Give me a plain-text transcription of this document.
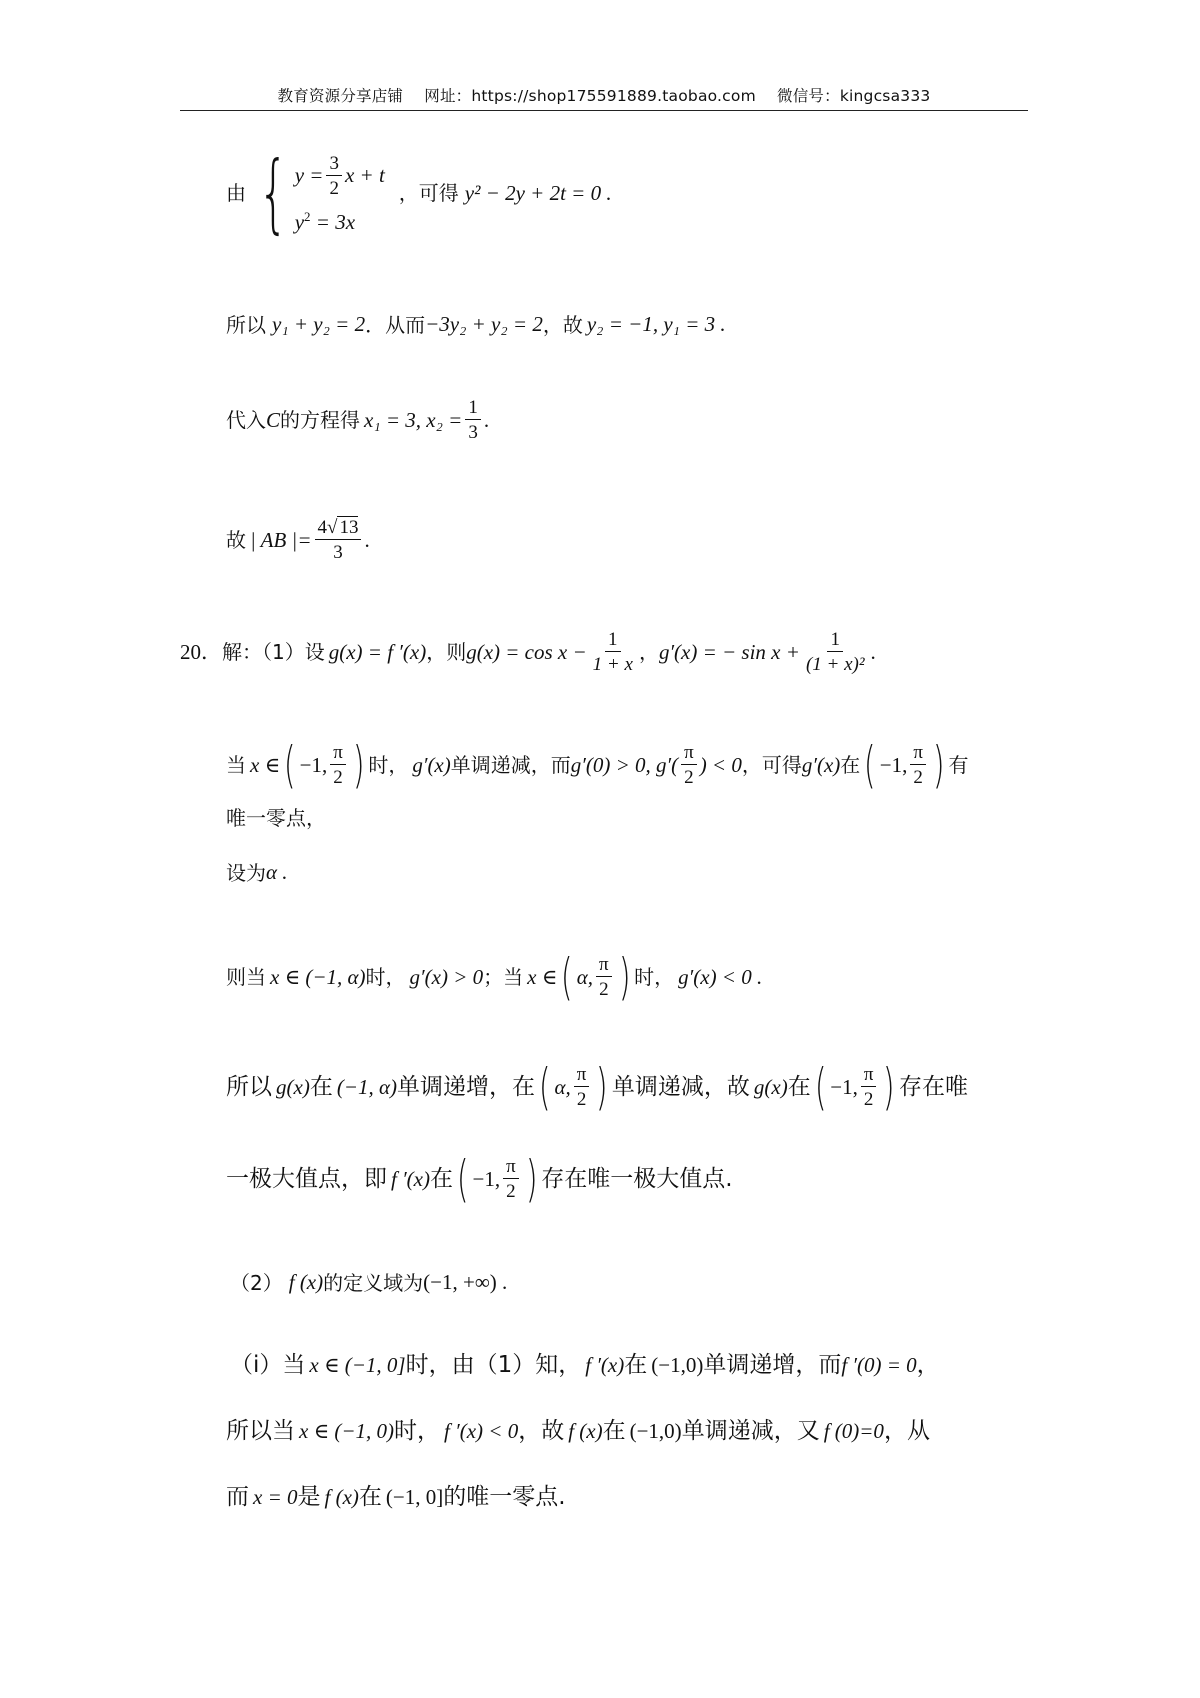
教育资源分享店铺 网址：https://shop175591889.taobao.com 微信号：kingcsa333
由 { $y = \frac{3}{2}$ x + t
$y^2 = 3x$
，可得 y² − 2y + 2t = 0 .
所以 y₁ + y₂ = 2 ．从而 −3y₂ + y₂ = 2 ，故 y₂ = −1, y₁ = 3 .
代入 C 的方程得 x₁ = 3, $x_2 = \frac{1}{3}$ .
故 | AB |= $\frac{4√ 13}{3}$ .
20． 解：（1）设 g(x) = f ′(x) ，则 $g(x) = \cos x - \frac{1}{1 + x}$ ， g′(x) = − $\sin x + \frac{1}{\text{(1 + x)²}}$ .
当 x ∈ ( −1, $\frac{\pi}{2}$ ) 时， g′(x) 单调递减，而 g′(0) > 0, $g'( \frac{\pi}{2}$ ) < 0 ，可得 g′(x) 在 ( −1, $\frac{\pi}{2}$ ) 有
唯一零点，
设为 α .
则当 x ∈ (−1, α) 时， g′(x) > 0 ；当 x ∈ ( α, $\frac{\pi}{2}$ ) 时， g′(x) < 0 .
所以 g(x) 在 (−1, α) 单调递增，在 ( α, $\frac{\pi}{2}$ ) 单调递减，故 g(x) 在 ( −1, $\frac{\pi}{2}$ ) 存在唯
一极大值点，即 f ′(x) 在 ( −1, $\frac{\pi}{2}$ ) 存在唯一极大值点.
（2） f (x) 的定义域为 (−1, +∞) .
（i）当 x ∈ (−1, 0] 时，由（1）知， f ′(x) 在 (−1,0) 单调递增，而 f ′(0) = 0 ，
所以当 x ∈ (−1, 0) 时， f ′(x) < 0 ，故 f (x) 在 (−1,0) 单调递减，又 f (0)=0 ，从
而 x = 0 是 f (x) 在 (−1, 0] 的唯一零点.
